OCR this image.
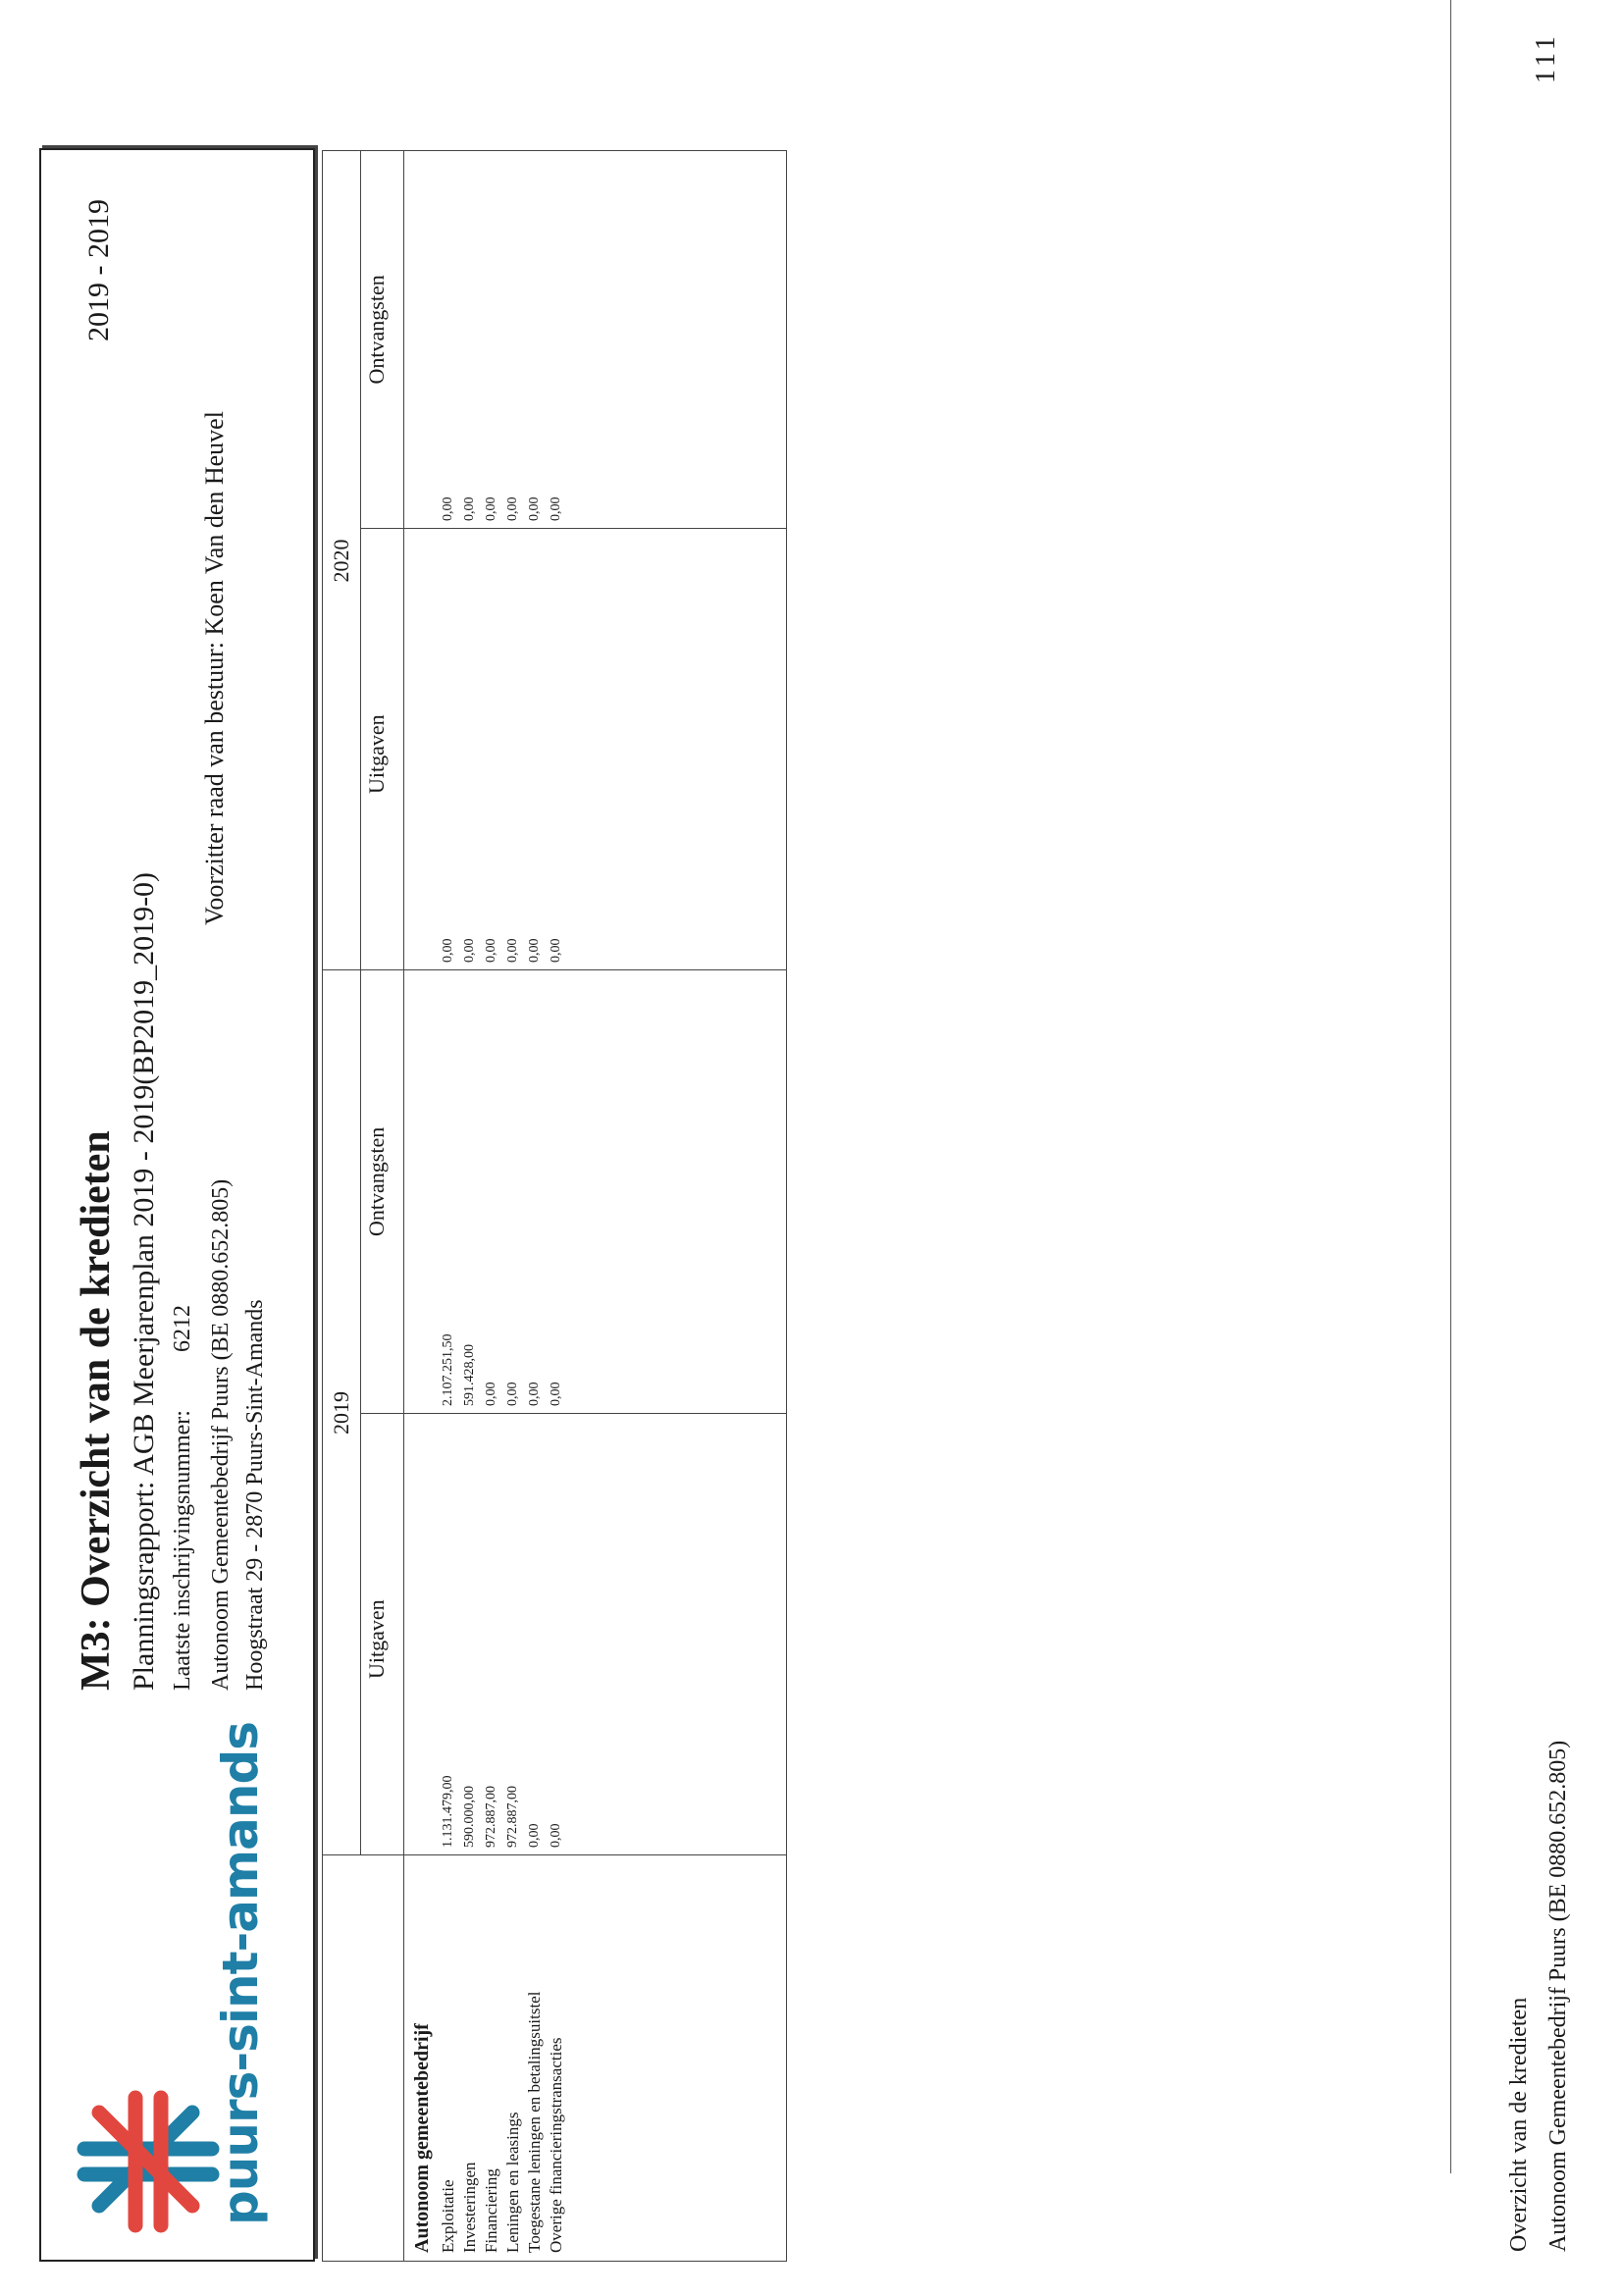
puurs-sint-amands
M3: Overzicht van de kredieten Planningsrapport: AGB Meerjarenplan 2019 - 2019(BP2019_2019-0) Laatste inschrijvingsnummer:
6212 Autonoom Gemeentebedrijf Puurs (BE 0880.652.805) Hoogstraat 29 - 2870 Puurs-Sint-Amands
Voorzitter raad van bestuur: Koen Van den Heuvel
2019 - 2019
2019
2020
Uitgaven
Ontvangsten
Uitgaven
Ontvangsten
Autonoom gemeentebedrijf Exploitatie
1.131.479,00
2.107.251,50
0,00
0,00
Investeringen
590.000,00
591.428,00
0,00
0,00
Financiering
972.887,00
0,00
0,00
0,00
Leningen en leasings
972.887,00
0,00
0,00
0,00
Toegestane leningen en betalingsuitstel
0,00
0,00
0,00
0,00
Overige financieringstransacties
0,00
0,00
0,00
0,00
Overzicht van de kredieten Autonoom Gemeentebedrijf Puurs (BE 0880.652.805)
111
